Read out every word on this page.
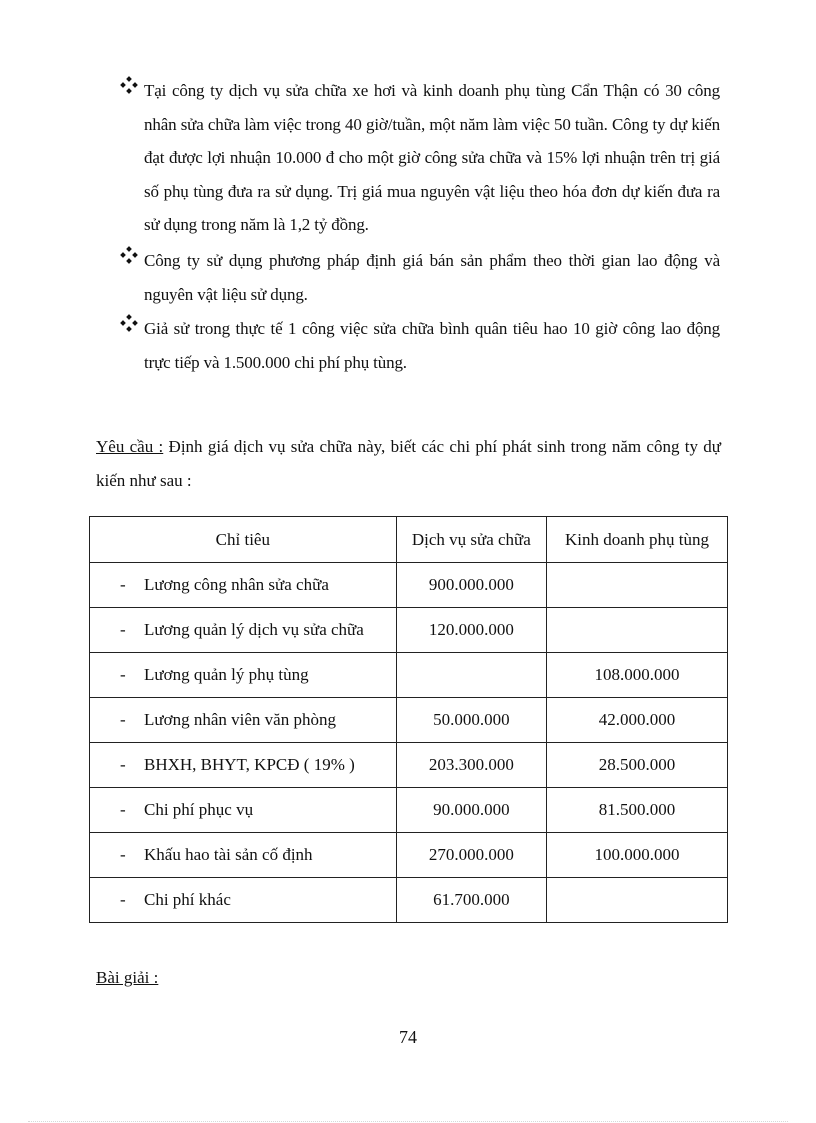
Tại công ty dịch vụ sửa chữa xe hơi và kinh doanh phụ tùng Cẩn Thận có 30 công nhân sửa chữa làm việc trong 40 giờ/tuần, một năm làm việc 50 tuần. Công ty dự kiến đạt được lợi nhuận 10.000 đ cho một giờ công sửa chữa và 15% lợi nhuận trên trị giá số phụ tùng đưa ra sử dụng. Trị giá mua nguyên vật liệu theo hóa đơn dự kiến đưa ra sử dụng trong năm là 1,2 tỷ đồng.
Công ty sử dụng phương pháp định giá bán sản phẩm theo thời gian lao động và nguyên vật liệu sử dụng.
Giả sử trong thực tế 1 công việc sửa chữa bình quân tiêu hao 10 giờ công lao động trực tiếp và 1.500.000 chi phí phụ tùng.
Yêu cầu : Định giá dịch vụ sửa chữa này, biết các chi phí phát sinh trong năm công ty dự kiến như sau :
Chỉ tiêu	Dịch vụ sửa chữa	Kinh doanh phụ tùng
- Lương công nhân sửa chữa	900.000.000	
- Lương quản lý dịch vụ sửa chữa	120.000.000	
- Lương quản lý phụ tùng		108.000.000
- Lương nhân viên văn phòng	50.000.000	42.000.000
- BHXH, BHYT, KPCĐ ( 19% )	203.300.000	28.500.000
- Chi phí phục vụ	90.000.000	81.500.000
- Khấu hao tài sản cố định	270.000.000	100.000.000
- Chi phí khác	61.700.000	
Bài giải :
74
